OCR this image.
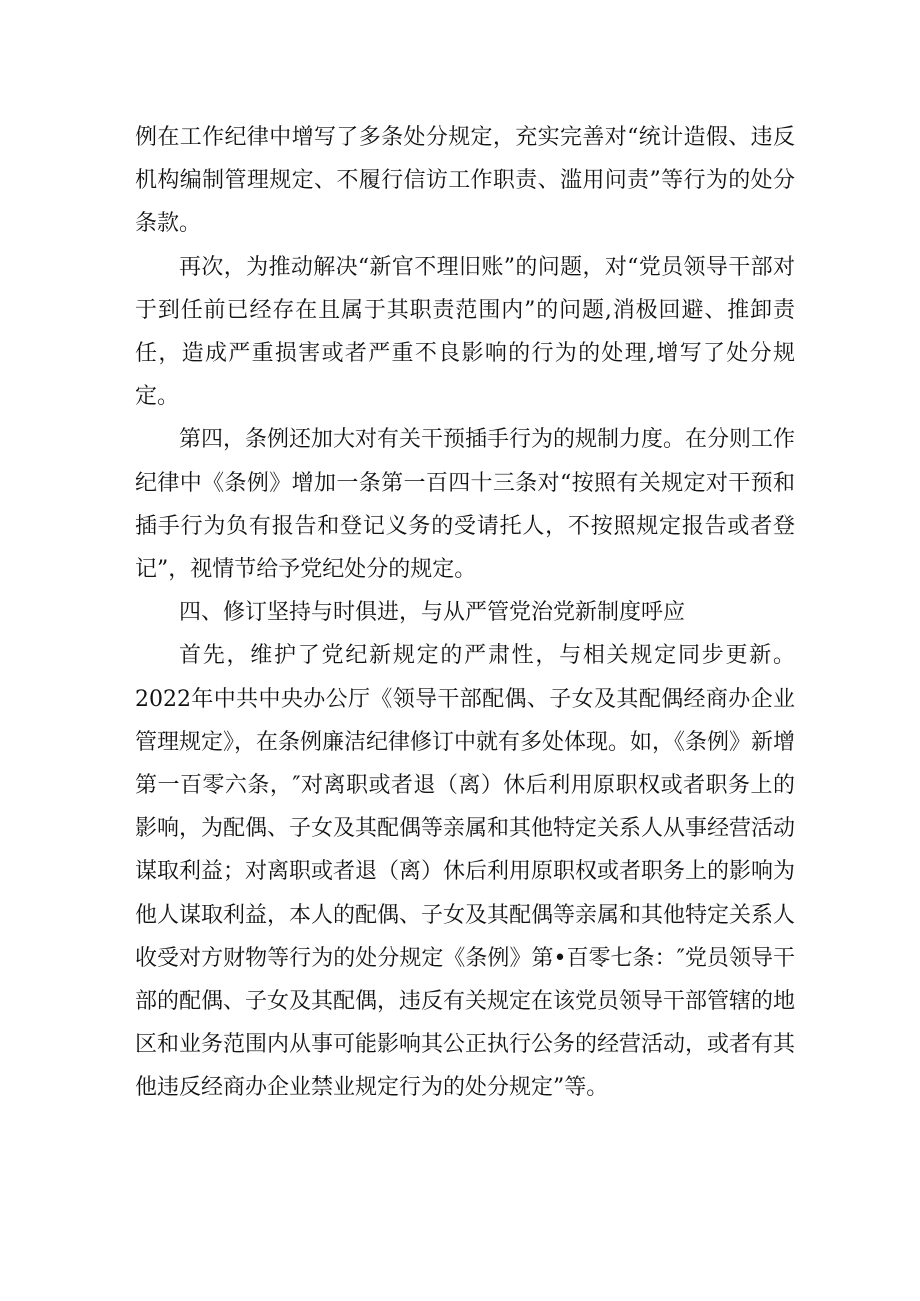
例在工作纪律中增写了多条处分规定，充实完善对“统计造假、违反机构编制管理规定、不履行信访工作职责、滥用问责”等行为的处分条款。

再次，为推动解决“新官不理旧账”的问题，对“党员领导干部对于到任前已经存在且属于其职责范围内”的问题,消极回避、推卸责任，造成严重损害或者严重不良影响的行为的处理,增写了处分规定。

第四，条例还加大对有关干预插手行为的规制力度。在分则工作纪律中《条例》增加一条第一百四十三条对“按照有关规定对干预和插手行为负有报告和登记义务的受请托人，不按照规定报告或者登记”，视情节给予党纪处分的规定。

四、修订坚持与时俱进，与从严管党治党新制度呼应

首先，维护了党纪新规定的严肃性，与相关规定同步更新。2022年中共中央办公厅《领导干部配偶、子女及其配偶经商办企业管理规定》，在条例廉洁纪律修订中就有多处体现。如，《条例》新增第一百零六条，″对离职或者退（离）休后利用原职权或者职务上的影响，为配偶、子女及其配偶等亲属和其他特定关系人从事经营活动谋取利益；对离职或者退（离）休后利用原职权或者职务上的影响为他人谋取利益，本人的配偶、子女及其配偶等亲属和其他特定关系人收受对方财物等行为的处分规定《条例》第•百零七条：″党员领导干部的配偶、子女及其配偶，违反有关规定在该党员领导干部管辖的地区和业务范围内从事可能影响其公正执行公务的经营活动，或者有其他违反经商办企业禁业规定行为的处分规定”等。
